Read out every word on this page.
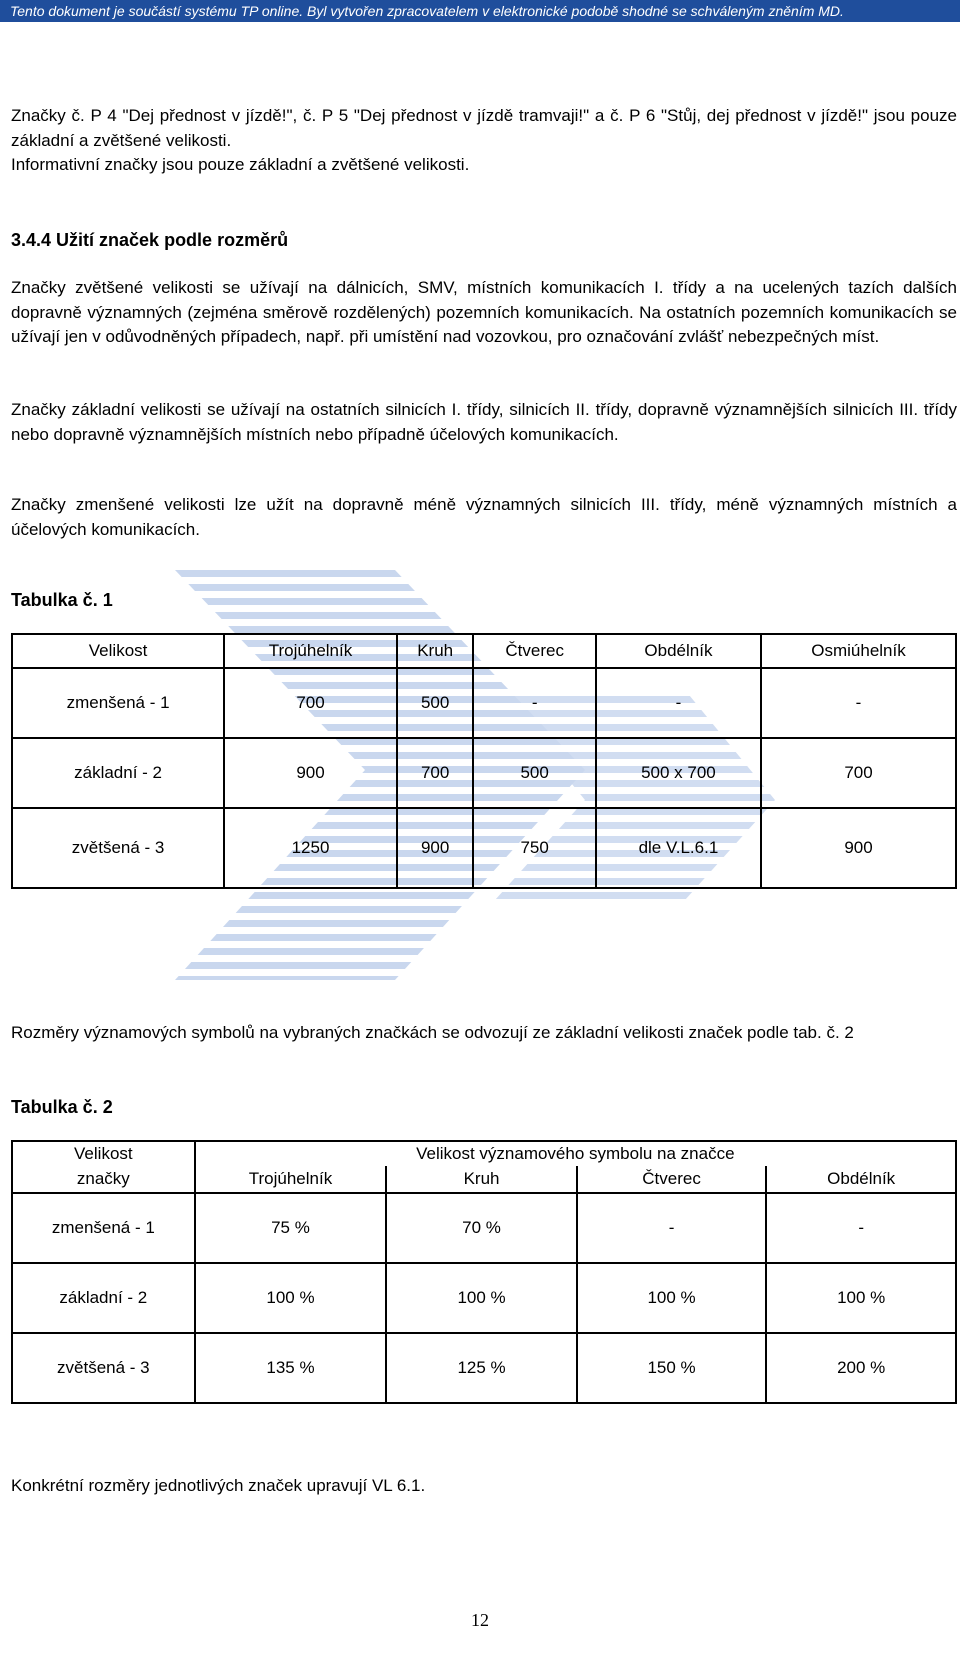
Tento dokument je součástí systému TP online. Byl vytvořen zpracovatelem v elektronické podobě shodné se schváleným zněním MD.

Značky č. P 4 "Dej přednost v jízdě!", č. P 5 "Dej přednost v jízdě tramvaji!" a č. P 6 "Stůj, dej přednost v jízdě!" jsou pouze základní a zvětšené velikosti.

Informativní značky jsou pouze základní a zvětšené velikosti.

3.4.4 Užití značek podle rozměrů

Značky zvětšené velikosti se užívají na dálnicích, SMV, místních komunikacích I. třídy a na ucelených tazích dalších dopravně významných (zejména směrově rozdělených) pozemních komunikacích. Na ostatních pozemních komunikacích se užívají jen v odůvodněných případech, např. při umístění nad vozovkou, pro označování zvlášť nebezpečných míst.

Značky základní velikosti se užívají na ostatních silnicích I. třídy, silnicích II. třídy, dopravně významnějších silnicích III. třídy nebo dopravně významnějších místních nebo případně účelových komunikacích.

Značky zmenšené velikosti lze užít na dopravně méně významných silnicích III. třídy, méně významných místních a účelových komunikacích.

Tabulka č. 1
Velikost	Trojúhelník	Kruh	Čtverec	Obdélník	Osmiúhelník
zmenšená - 1	700	500	-	-	-
základní - 2	900	700	500	500 x 700	700
zvětšená - 3	1250	900	750	dle V.L.6.1	900

Rozměry významových symbolů na vybraných značkách se odvozují ze základní velikosti značek podle tab. č. 2

Tabulka č. 2
Velikost	Velikost významového symbolu na značce			
značky	Trojúhelník	Kruh	Čtverec	Obdélník
zmenšená - 1	75 %	70 %	-	-
základní - 2	100 %	100 %	100 %	100 %
zvětšená - 3	135 %	125 %	150 %	200 %

Konkrétní rozměry jednotlivých značek upravují VL 6.1.

12
